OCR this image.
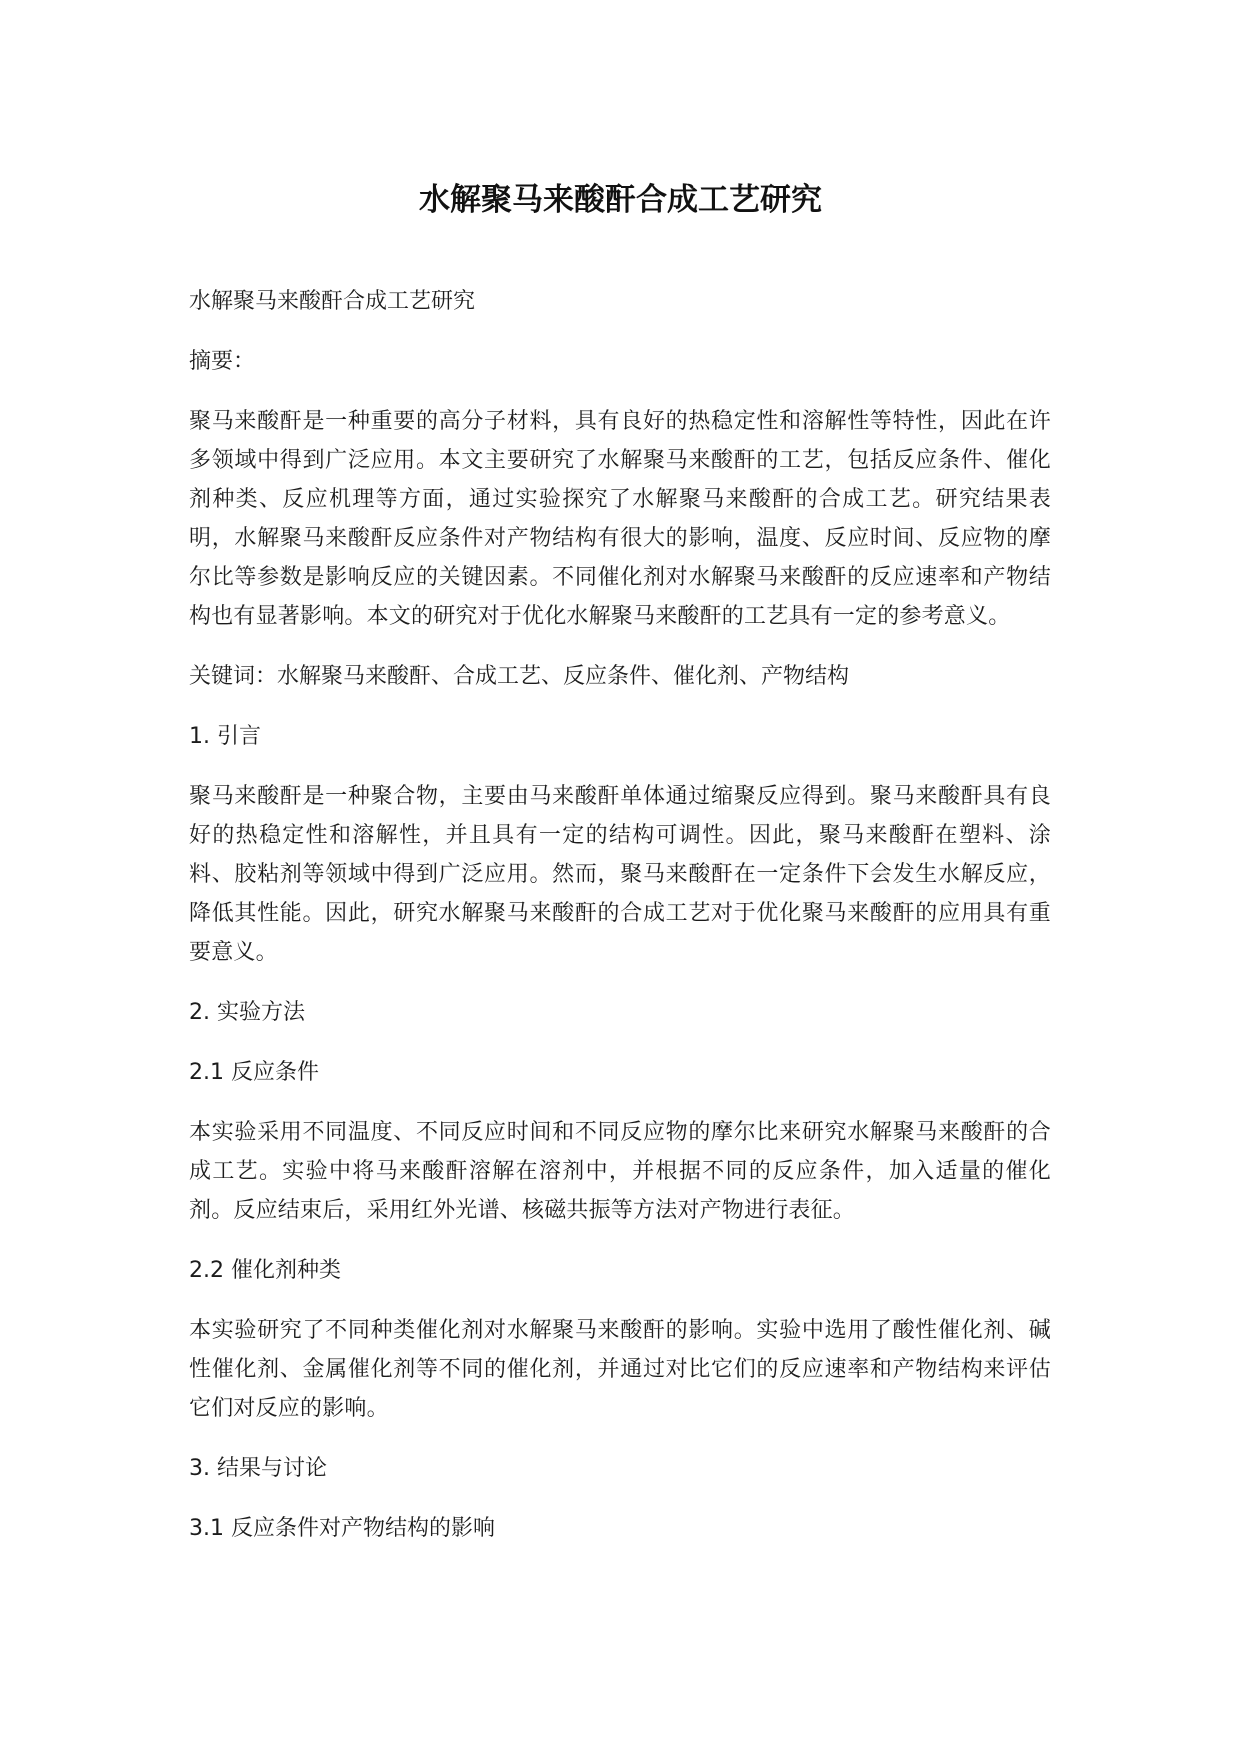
水解聚马来酸酐合成工艺研究
水解聚马来酸酐合成工艺研究
摘要：
聚马来酸酐是一种重要的高分子材料，具有良好的热稳定性和溶解性等特性，因此在许多领域中得到广泛应用。本文主要研究了水解聚马来酸酐的工艺，包括反应条件、催化剂种类、反应机理等方面，通过实验探究了水解聚马来酸酐的合成工艺。研究结果表明，水解聚马来酸酐反应条件对产物结构有很大的影响，温度、反应时间、反应物的摩尔比等参数是影响反应的关键因素。不同催化剂对水解聚马来酸酐的反应速率和产物结构也有显著影响。本文的研究对于优化水解聚马来酸酐的工艺具有一定的参考意义。
关键词：水解聚马来酸酐、合成工艺、反应条件、催化剂、产物结构
1. 引言
聚马来酸酐是一种聚合物，主要由马来酸酐单体通过缩聚反应得到。聚马来酸酐具有良好的热稳定性和溶解性，并且具有一定的结构可调性。因此，聚马来酸酐在塑料、涂料、胶粘剂等领域中得到广泛应用。然而，聚马来酸酐在一定条件下会发生水解反应，降低其性能。因此，研究水解聚马来酸酐的合成工艺对于优化聚马来酸酐的应用具有重要意义。
2. 实验方法
2.1 反应条件
本实验采用不同温度、不同反应时间和不同反应物的摩尔比来研究水解聚马来酸酐的合成工艺。实验中将马来酸酐溶解在溶剂中，并根据不同的反应条件，加入适量的催化剂。反应结束后，采用红外光谱、核磁共振等方法对产物进行表征。
2.2 催化剂种类
本实验研究了不同种类催化剂对水解聚马来酸酐的影响。实验中选用了酸性催化剂、碱性催化剂、金属催化剂等不同的催化剂，并通过对比它们的反应速率和产物结构来评估它们对反应的影响。
3. 结果与讨论
3.1 反应条件对产物结构的影响
